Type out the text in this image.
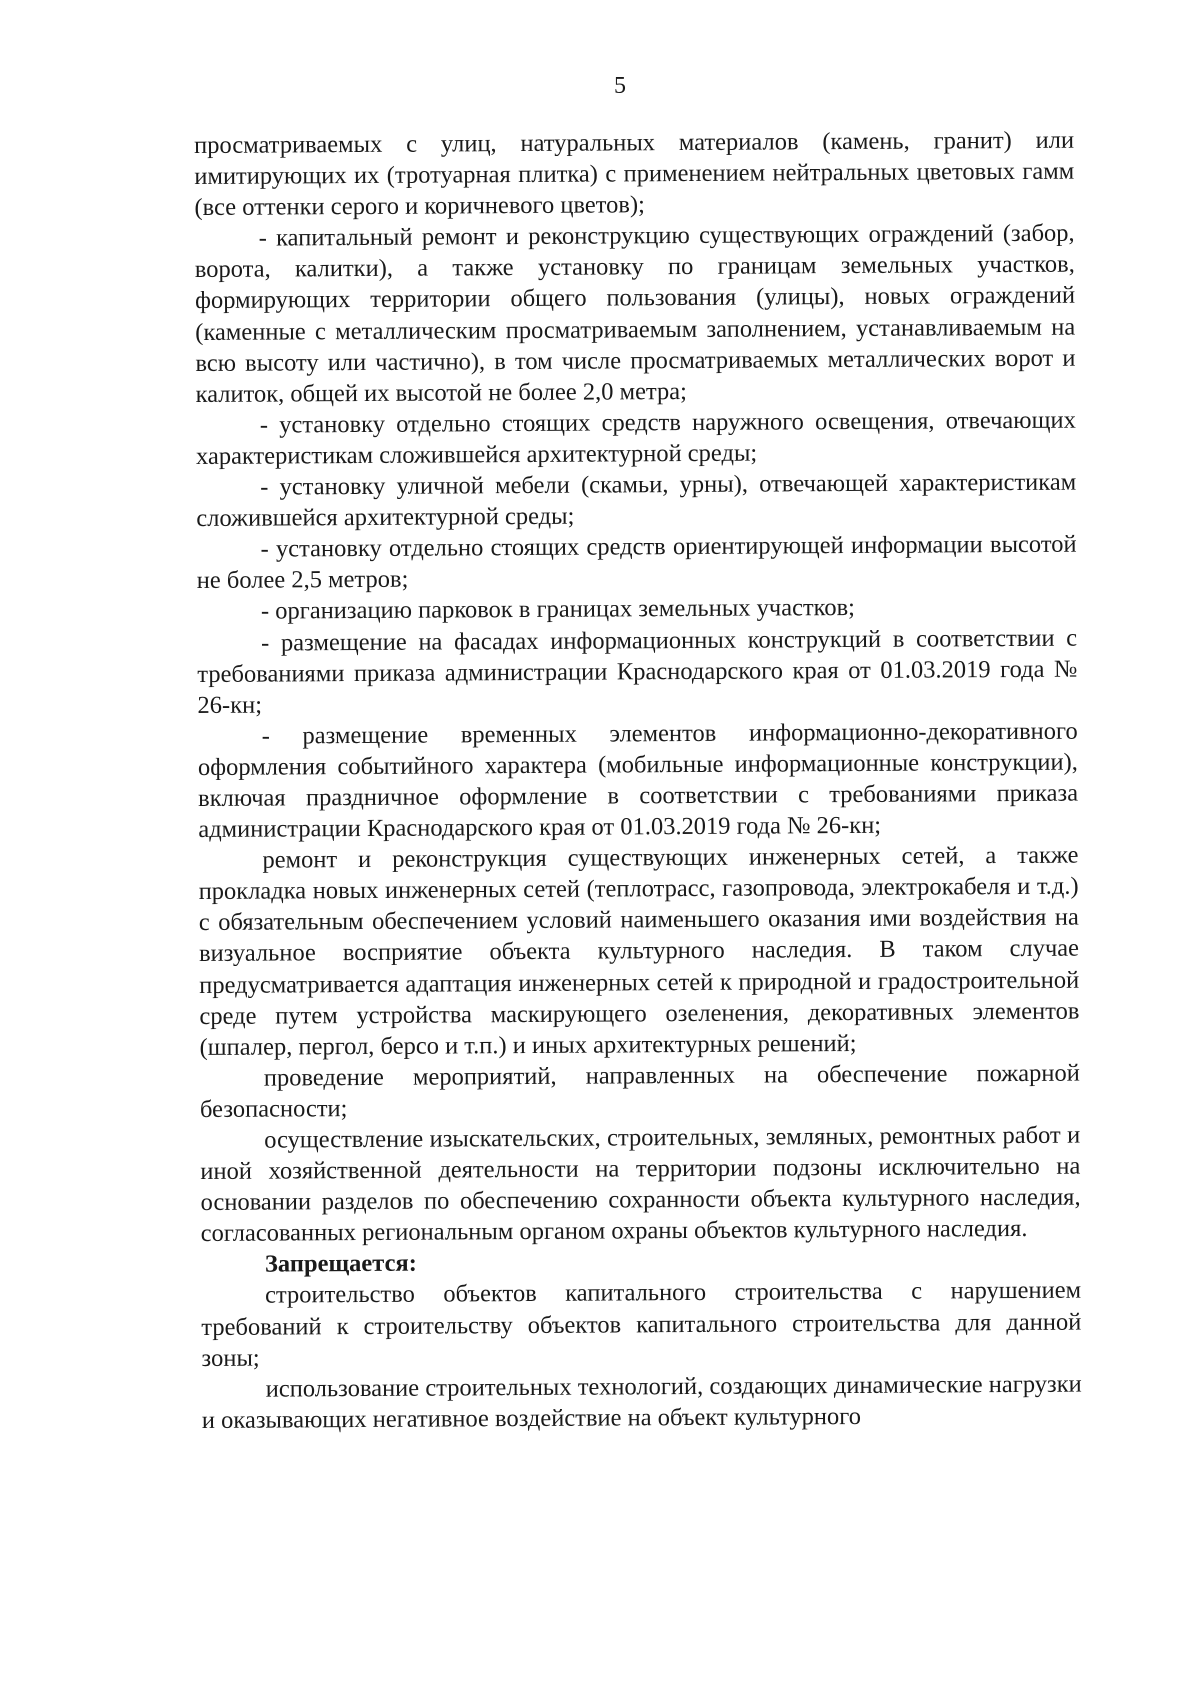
5

просматриваемых с улиц, натуральных материалов (камень, гранит) или имитирующих их (тротуарная плитка) с применением нейтральных цветовых гамм (все оттенки серого и коричневого цветов);

- капитальный ремонт и реконструкцию существующих ограждений (забор, ворота, калитки), а также установку по границам земельных участков, формирующих территории общего пользования (улицы), новых ограждений (каменные с металлическим просматриваемым заполнением, устанавливаемым на всю высоту или частично), в том числе просматриваемых металлических ворот и калиток, общей их высотой не более 2,0 метра;

- установку отдельно стоящих средств наружного освещения, отвечающих характеристикам сложившейся архитектурной среды;

- установку уличной мебели (скамьи, урны), отвечающей характеристикам сложившейся архитектурной среды;

- установку отдельно стоящих средств ориентирующей информации высотой не более 2,5 метров;

- организацию парковок в границах земельных участков;

- размещение на фасадах информационных конструкций в соответствии с требованиями приказа администрации Краснодарского края от 01.03.2019 года № 26-кн;

- размещение временных элементов информационно-декоративного оформления событийного характера (мобильные информационные конструкции), включая праздничное оформление в соответствии с требованиями приказа администрации Краснодарского края от 01.03.2019 года № 26-кн;

ремонт и реконструкция существующих инженерных сетей, а также прокладка новых инженерных сетей (теплотрасс, газопровода, электрокабеля и т.д.) с обязательным обеспечением условий наименьшего оказания ими воздействия на визуальное восприятие объекта культурного наследия. В таком случае предусматривается адаптация инженерных сетей к природной и градостроительной среде путем устройства маскирующего озеленения, декоративных элементов (шпалер, пергол, берсо и т.п.) и иных архитектурных решений;

проведение мероприятий, направленных на обеспечение пожарной безопасности;

осуществление изыскательских, строительных, земляных, ремонтных работ и иной хозяйственной деятельности на территории подзоны исключительно на основании разделов по обеспечению сохранности объекта культурного наследия, согласованных региональным органом охраны объектов культурного наследия.

Запрещается:

строительство объектов капитального строительства с нарушением требований к строительству объектов капитального строительства для данной зоны;

использование строительных технологий, создающих динамические нагрузки и оказывающих негативное воздействие на объект культурного
